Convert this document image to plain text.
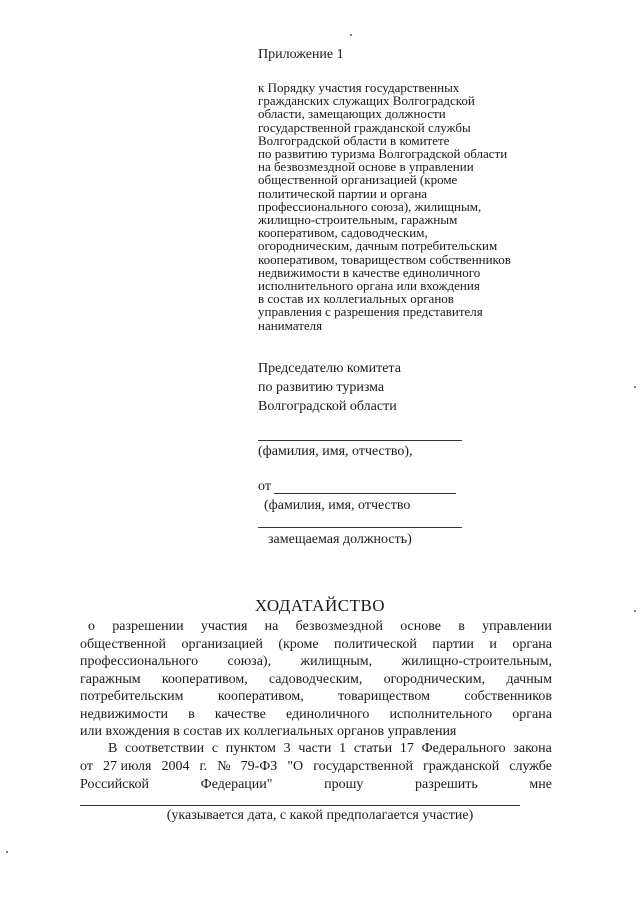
Приложение 1

к Порядку участия государственных
гражданских служащих Волгоградской
области, замещающих должности
государственной гражданской службы
Волгоградской области в комитете
по развитию туризма Волгоградской области
на безвозмездной основе в управлении
общественной организацией (кроме
политической партии и органа
профессионального союза), жилищным,
жилищно-строительным, гаражным
кооперативом, садоводческим,
огородническим, дачным потребительским
кооперативом, товариществом собственников
недвижимости в качестве единоличного
исполнительного органа или вхождения
в состав их коллегиальных органов
управления с разрешения представителя
нанимателя
Председателю комитета
по развитию туризма
Волгоградской области
(фамилия, имя, отчество),
от
(фамилия, имя, отчество
замещаемая должность)
ХОДАТАЙСТВО
о разрешении участия на безвозмездной основе в управлении
общественной организацией (кроме политической партии и органа
профессионального союза), жилищным, жилищно-строительным,
гаражным кооперативом, садоводческим, огородническим, дачным
потребительским кооперативом, товариществом собственников
недвижимости в качестве единоличного исполнительного органа
или вхождения в состав их коллегиальных органов управления
В соответствии с пунктом 3 части 1 статьи 17 Федерального закона
от 27 июля 2004 г. № 79-ФЗ "О государственной гражданской службе
Российской	Федерации"	прошу	разрешить	мне
(указывается дата, с какой предполагается участие)
